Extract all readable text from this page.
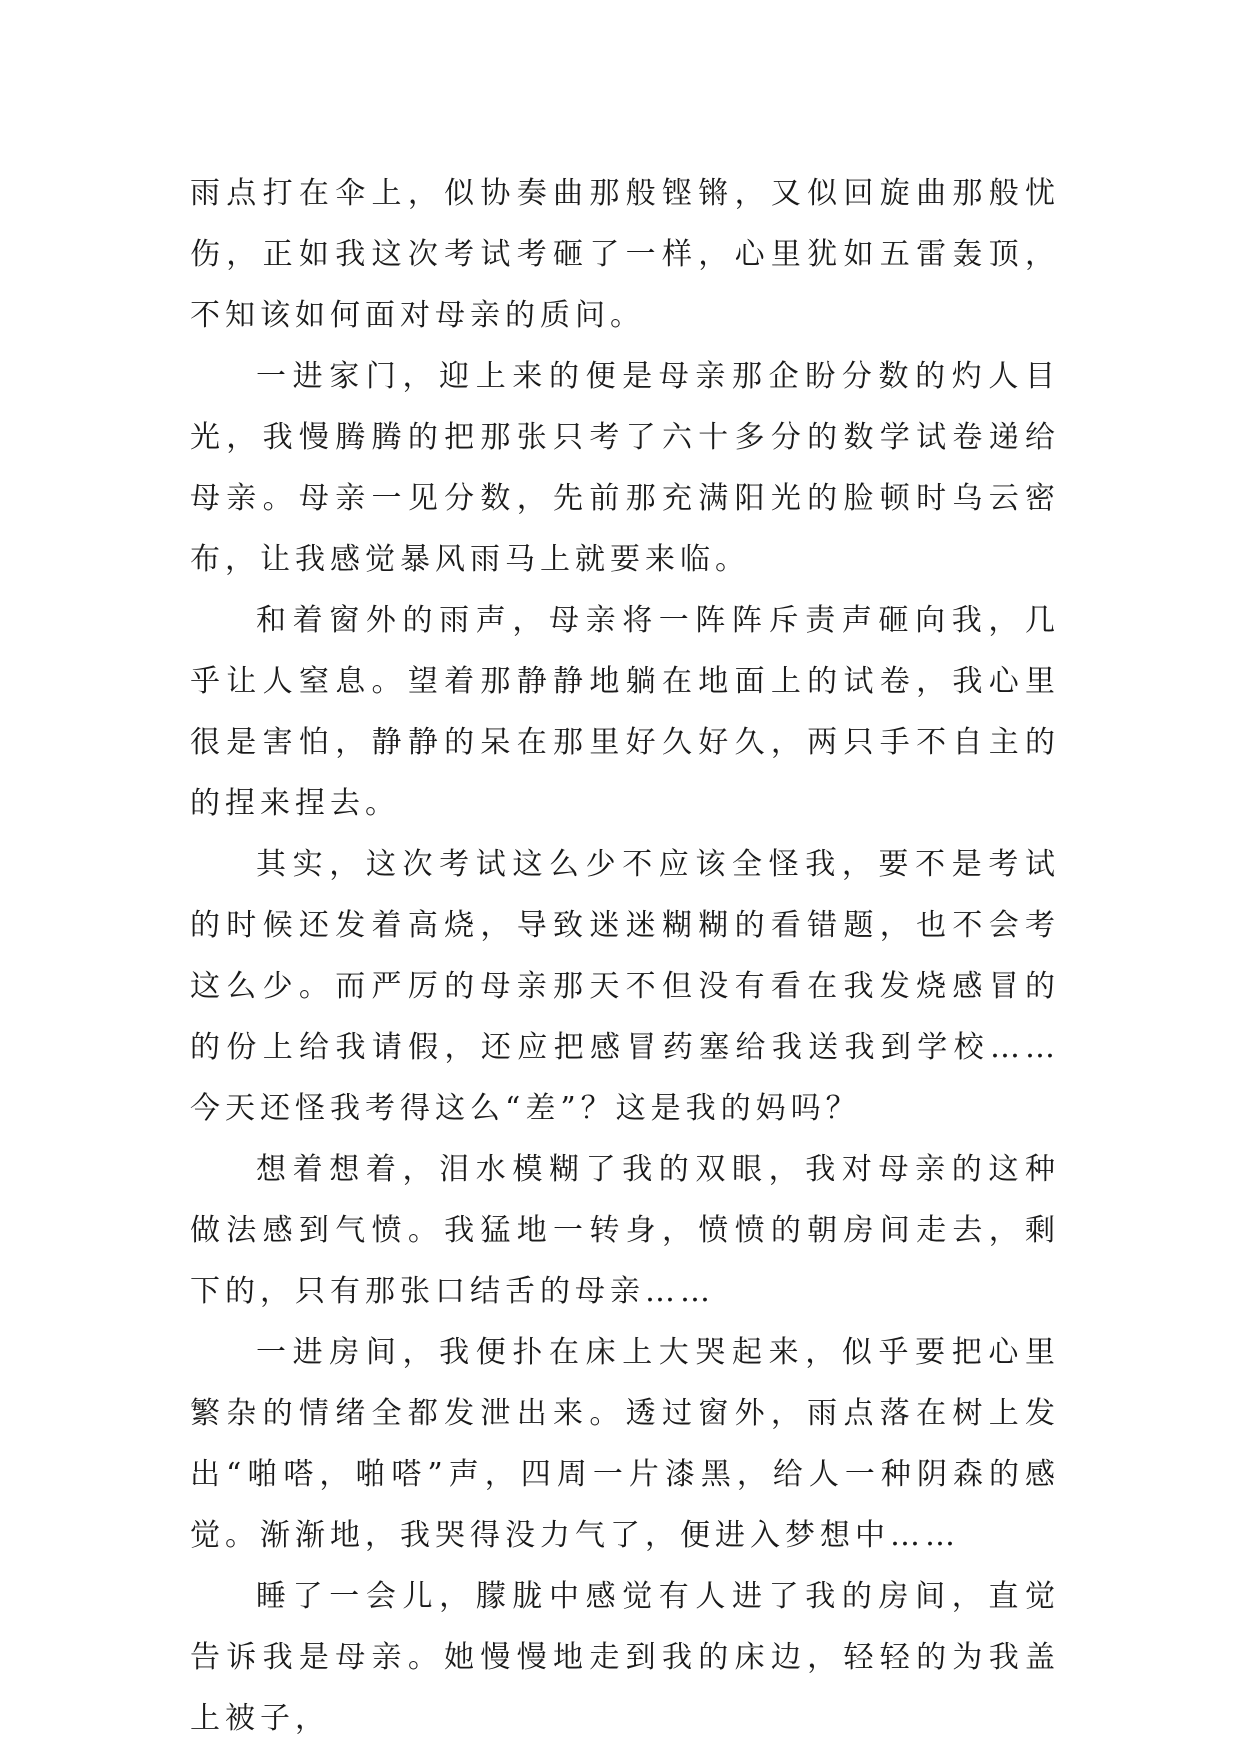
雨点打在伞上，似协奏曲那般铿锵，又似回旋曲那般忧伤，正如我这次考试考砸了一样，心里犹如五雷轰顶，不知该如何面对母亲的质问。

一进家门，迎上来的便是母亲那企盼分数的灼人目光，我慢腾腾的把那张只考了六十多分的数学试卷递给母亲。母亲一见分数，先前那充满阳光的脸顿时乌云密布，让我感觉暴风雨马上就要来临。

和着窗外的雨声，母亲将一阵阵斥责声砸向我，几乎让人窒息。望着那静静地躺在地面上的试卷，我心里很是害怕，静静的呆在那里好久好久，两只手不自主的的捏来捏去。

其实，这次考试这么少不应该全怪我，要不是考试的时候还发着高烧，导致迷迷糊糊的看错题，也不会考这么少。而严厉的母亲那天不但没有看在我发烧感冒的的份上给我请假，还应把感冒药塞给我送我到学校……今天还怪我考得这么“差”？这是我的妈吗？

想着想着，泪水模糊了我的双眼，我对母亲的这种做法感到气愤。我猛地一转身，愤愤的朝房间走去，剩下的，只有那张口结舌的母亲……

一进房间，我便扑在床上大哭起来，似乎要把心里繁杂的情绪全都发泄出来。透过窗外，雨点落在树上发出“啪嗒，啪嗒”声，四周一片漆黑，给人一种阴森的感觉。渐渐地，我哭得没力气了，便进入梦想中……

睡了一会儿，朦胧中感觉有人进了我的房间，直觉告诉我是母亲。她慢慢地走到我的床边，轻轻的为我盖上被子，
